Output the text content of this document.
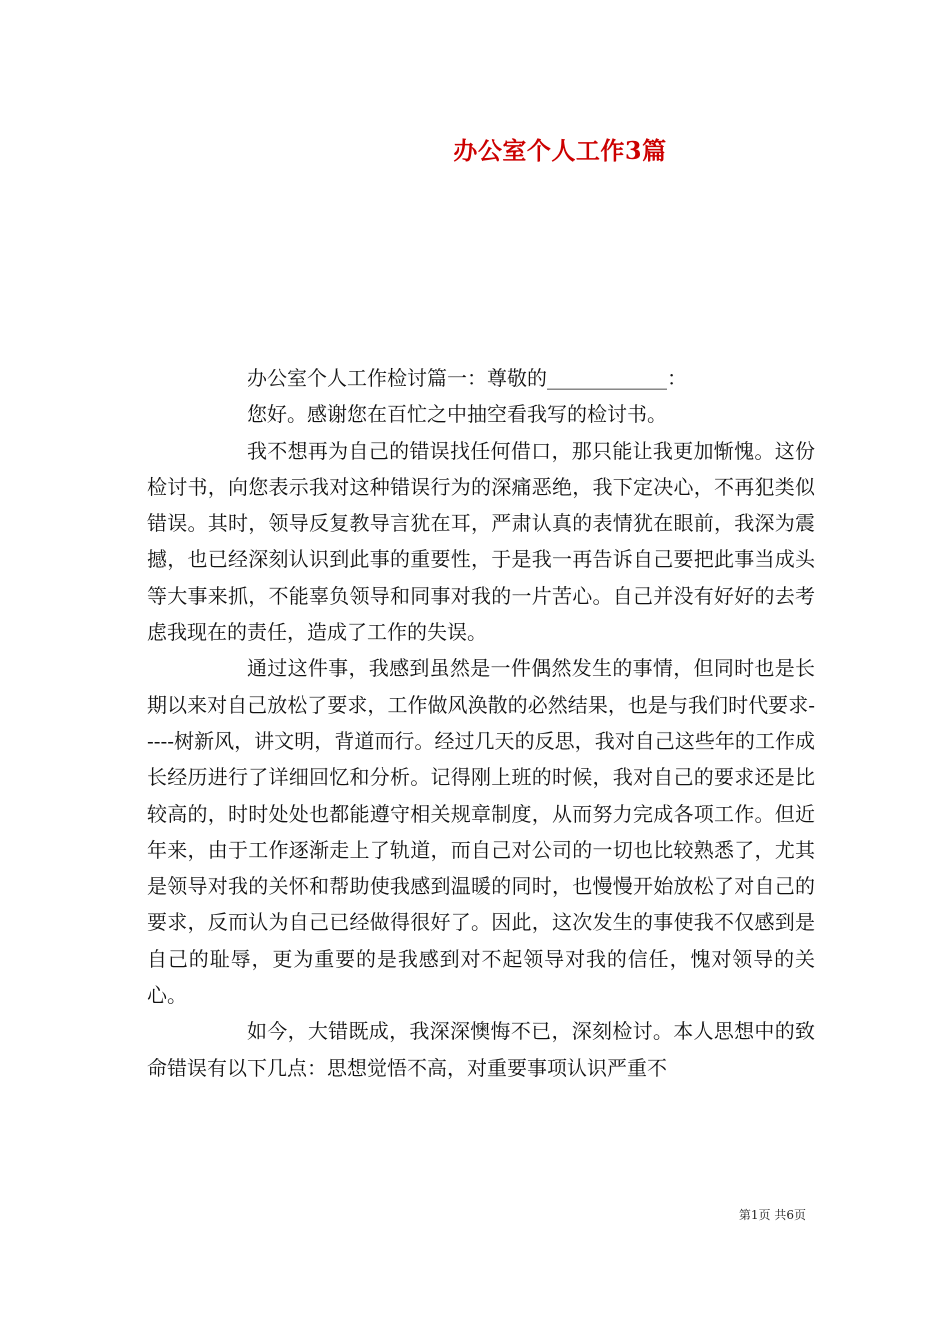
办公室个人工作3篇

办公室个人工作检讨篇一：尊敬的____________：

您好。感谢您在百忙之中抽空看我写的检讨书。

我不想再为自己的错误找任何借口，那只能让我更加惭愧。这份检讨书，向您表示我对这种错误行为的深痛恶绝，我下定决心，不再犯类似错误。其时，领导反复教导言犹在耳，严肃认真的表情犹在眼前，我深为震撼，也已经深刻认识到此事的重要性，于是我一再告诉自己要把此事当成头等大事来抓，不能辜负领导和同事对我的一片苦心。自己并没有好好的去考虑我现在的责任，造成了工作的失误。

通过这件事，我感到虽然是一件偶然发生的事情，但同时也是长期以来对自己放松了要求，工作做风涣散的必然结果，也是与我们时代要求-----树新风，讲文明，背道而行。经过几天的反思，我对自己这些年的工作成长经历进行了详细回忆和分析。记得刚上班的时候，我对自己的要求还是比较高的，时时处处也都能遵守相关规章制度，从而努力完成各项工作。但近年来，由于工作逐渐走上了轨道，而自己对公司的一切也比较熟悉了，尤其是领导对我的关怀和帮助使我感到温暖的同时，也慢慢开始放松了对自己的要求，反而认为自己已经做得很好了。因此，这次发生的事使我不仅感到是自己的耻辱，更为重要的是我感到对不起领导对我的信任，愧对领导的关心。

如今，大错既成，我深深懊悔不已，深刻检讨。本人思想中的致命错误有以下几点：思想觉悟不高，对重要事项认识严重不

第1页 共6页
